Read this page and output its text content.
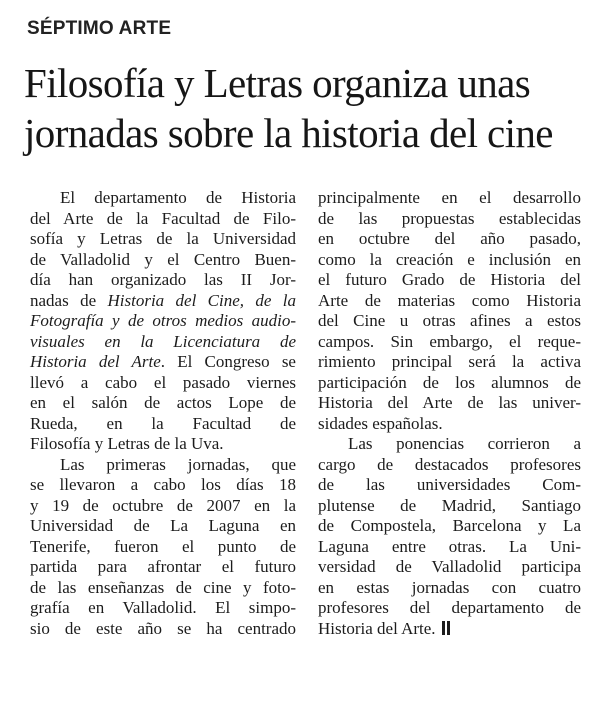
SÉPTIMO ARTE
Filosofía y Letras organiza unas
jornadas sobre la historia del cine
El departamento de Historia
del Arte de la Facultad de Filo-
sofía y Letras de la Universidad
de Valladolid y el Centro Buen-
día han organizado las II Jor-
nadas de Historia del Cine, de la
Fotografía y de otros medios audio-
visuales en la Licenciatura de
Historia del Arte. El Congreso se
llevó a cabo el pasado viernes
en el salón de actos Lope de
Rueda, en la Facultad de
Filosofía y Letras de la Uva.
Las primeras jornadas, que
se llevaron a cabo los días 18
y 19 de octubre de 2007 en la
Universidad de La Laguna en
Tenerife, fueron el punto de
partida para afrontar el futuro
de las enseñanzas de cine y foto-
grafía en Valladolid. El simpo-
sio de este año se ha centrado
principalmente en el desarrollo
de las propuestas establecidas
en octubre del año pasado,
como la creación e inclusión en
el futuro Grado de Historia del
Arte de materias como Historia
del Cine u otras afines a estos
campos. Sin embargo, el reque-
rimiento principal será la activa
participación de los alumnos de
Historia del Arte de las univer-
sidades españolas.
Las ponencias corrieron a
cargo de destacados profesores
de las universidades Com-
plutense de Madrid, Santiago
de Compostela, Barcelona y La
Laguna entre otras. La Uni-
versidad de Valladolid participa
en estas jornadas con cuatro
profesores del departamento de
Historia del Arte.
